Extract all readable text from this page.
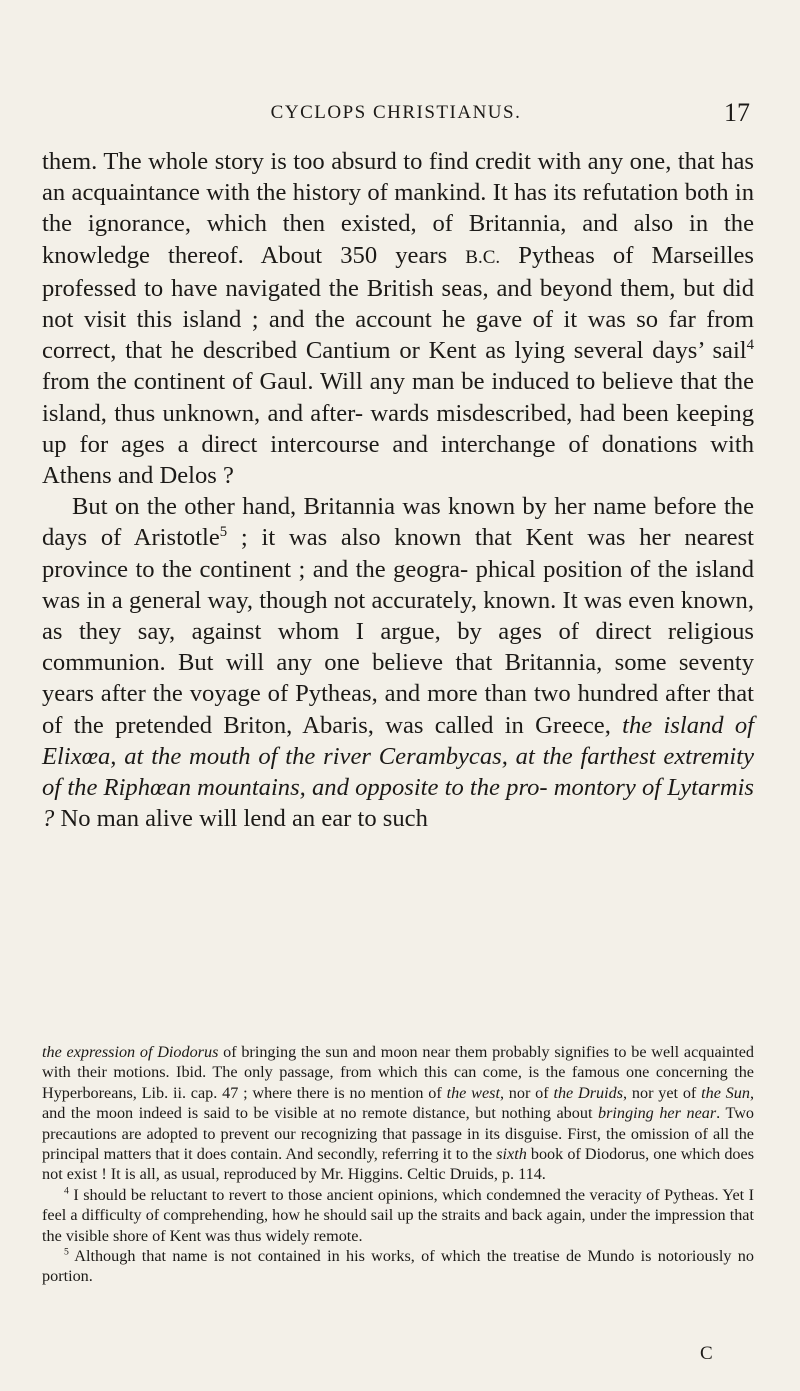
CYCLOPS CHRISTIANUS.	17

them. The whole story is too absurd to find credit with any one, that has an acquaintance with the history of mankind. It has its refutation both in the ignorance, which then existed, of Britannia, and also in the knowledge thereof. About 350 years B.C. Pytheas of Marseilles professed to have navigated the British seas, and beyond them, but did not visit this island ; and the account he gave of it was so far from correct, that he described Cantium or Kent as lying several days’ sail$^4$ from the continent of Gaul. Will any man be induced to believe that the island, thus unknown, and after- wards misdescribed, had been keeping up for ages a direct intercourse and interchange of donations with Athens and Delos ?

But on the other hand, Britannia was known by her name before the days of Aristotle$^5$ ; it was also known that Kent was her nearest province to the continent ; and the geogra- phical position of the island was in a general way, though not accurately, known. It was even known, as they say, against whom I argue, by ages of direct religious communion. But will any one believe that Britannia, some seventy years after the voyage of Pytheas, and more than two hundred after that of the pretended Briton, Abaris, was called in Greece, the island of Elixœa, at the mouth of the river Cerambycas, at the farthest extremity of the Riphœan mountains, and opposite to the pro- montory of Lytarmis ? No man alive will lend an ear to such

the expression of Diodorus of bringing the sun and moon near them probably signifies to be well acquainted with their motions. Ibid. The only passage, from which this can come, is the famous one concerning the Hyperboreans, Lib. ii. cap. 47 ; where there is no mention of the west, nor of the Druids, nor yet of the Sun, and the moon indeed is said to be visible at no remote distance, but nothing about bringing her near. Two precautions are adopted to prevent our recognizing that passage in its disguise. First, the omission of all the principal matters that it does contain. And secondly, referring it to the sixth book of Diodorus, one which does not exist ! It is all, as usual, reproduced by Mr. Higgins. Celtic Druids, p. 114.

$^4$ I should be reluctant to revert to those ancient opinions, which condemned the veracity of Pytheas. Yet I feel a difficulty of comprehending, how he should sail up the straits and back again, under the impression that the visible shore of Kent was thus widely remote.

$^5$ Although that name is not contained in his works, of which the treatise de Mundo is notoriously no portion.

C
